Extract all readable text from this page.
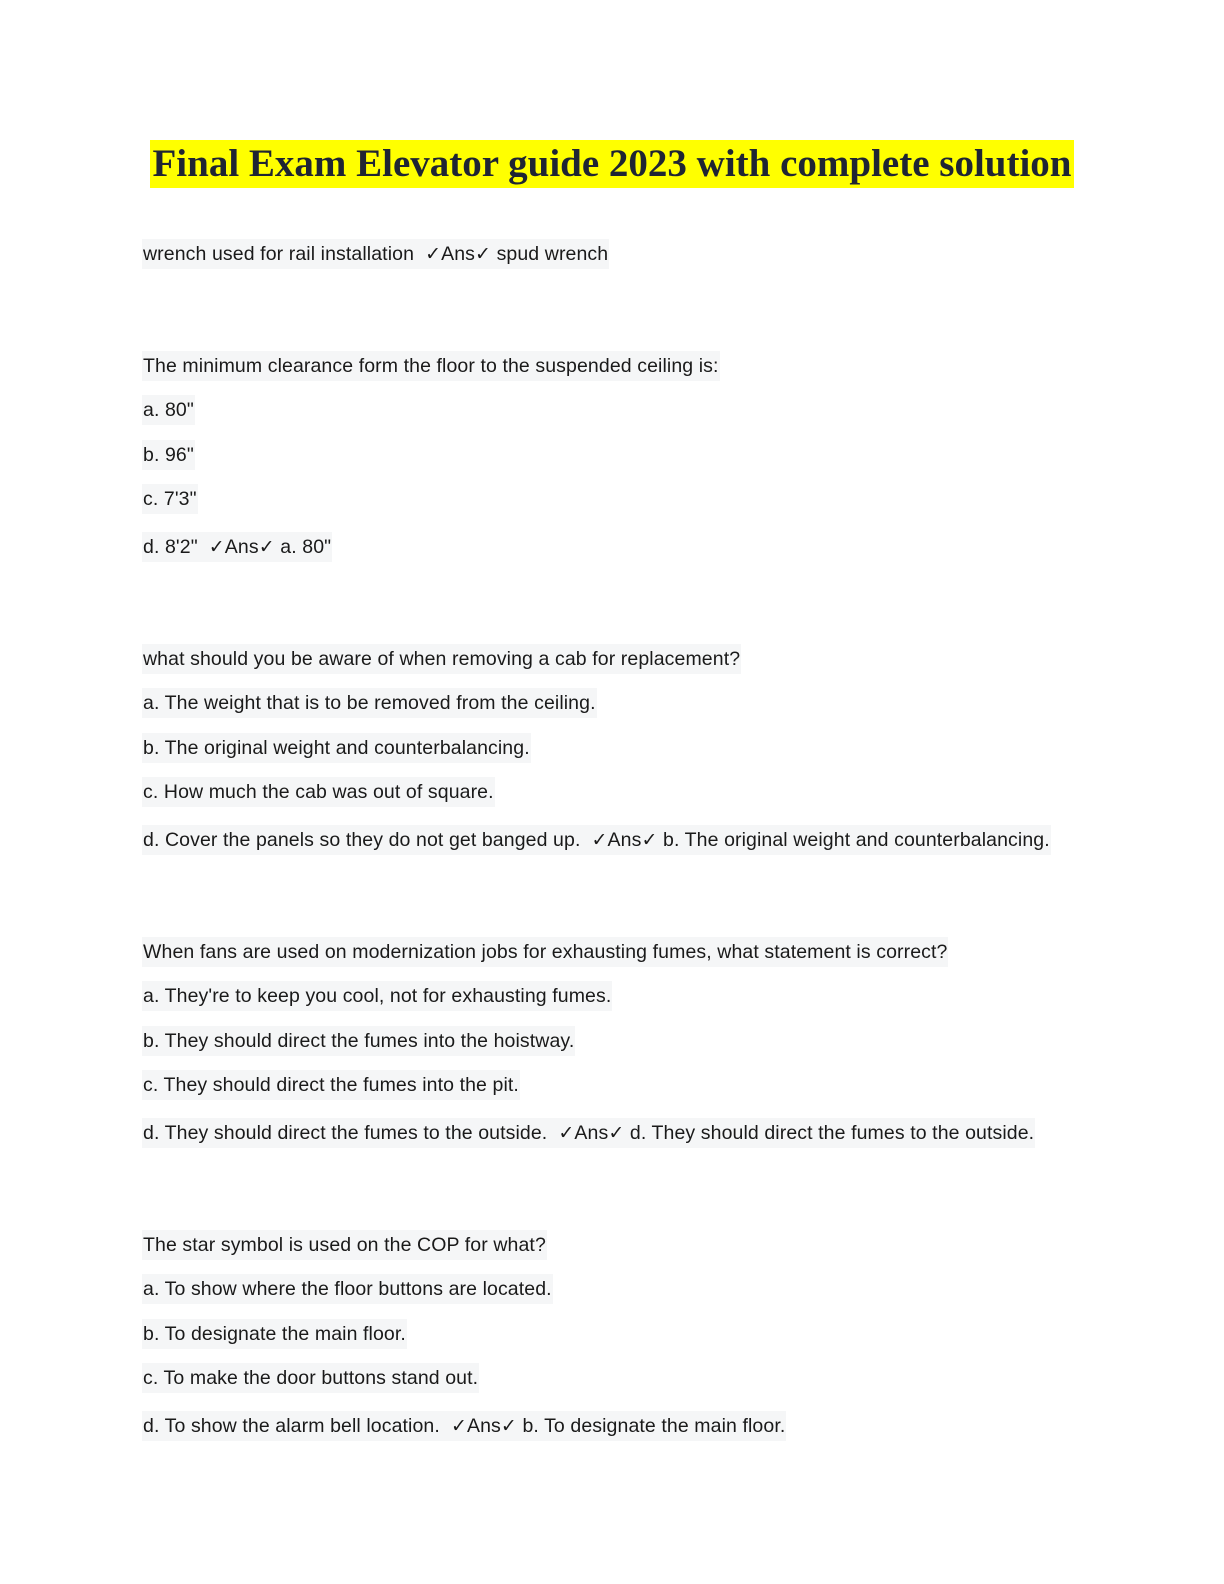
Final Exam Elevator guide 2023 with complete solution
wrench used for rail installation ✓Ans✓ spud wrench
The minimum clearance form the floor to the suspended ceiling is:
a. 80"
b. 96"
c. 7'3"
d. 8'2" ✓Ans✓ a. 80"
what should you be aware of when removing a cab for replacement?
a. The weight that is to be removed from the ceiling.
b. The original weight and counterbalancing.
c. How much the cab was out of square.
d. Cover the panels so they do not get banged up. ✓Ans✓ b. The original weight and counterbalancing.
When fans are used on modernization jobs for exhausting fumes, what statement is correct?
a. They're to keep you cool, not for exhausting fumes.
b. They should direct the fumes into the hoistway.
c. They should direct the fumes into the pit.
d. They should direct the fumes to the outside. ✓Ans✓ d. They should direct the fumes to the outside.
The star symbol is used on the COP for what?
a. To show where the floor buttons are located.
b. To designate the main floor.
c. To make the door buttons stand out.
d. To show the alarm bell location. ✓Ans✓ b. To designate the main floor.
